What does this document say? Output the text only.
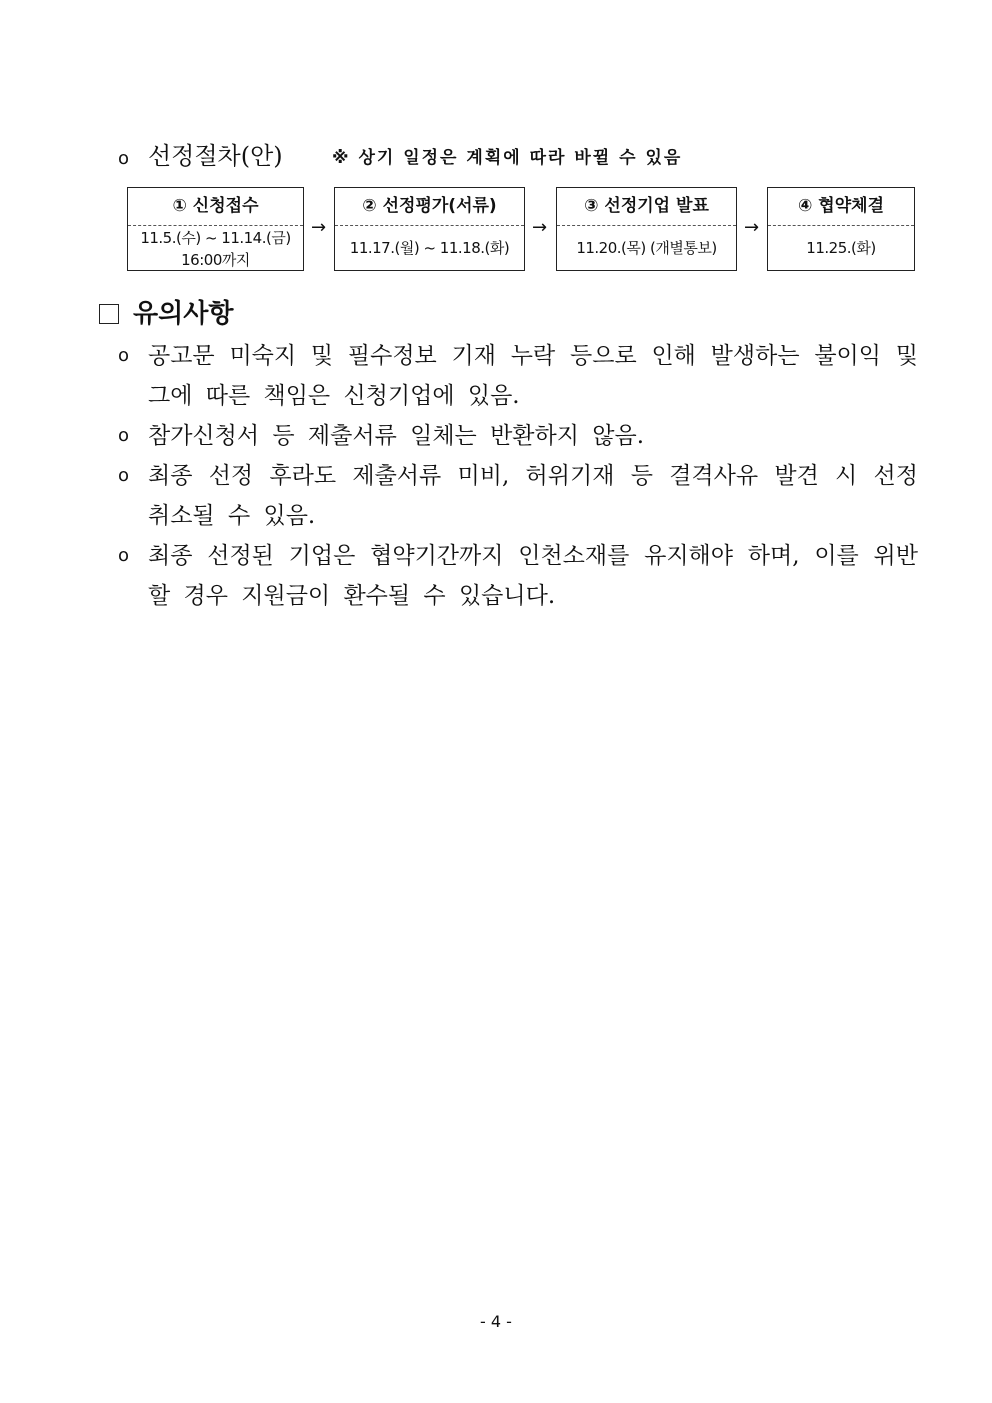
o 선정절차(안)	※ 상기 일정은 계획에 따라 바뀔 수 있음
① 신청접수
11.5.(수) ~ 11.14.(금)
16:00까지
→
② 선정평가(서류)
11.17.(월) ~ 11.18.(화)
→
③ 선정기업 발표
11.20.(목) (개별통보)
→
④ 협약체결
11.25.(화)
유의사항
o 공고문 미숙지 및 필수정보 기재 누락 등으로 인해 발생하는 불이익 및 그에 따른 책임은 신청기업에 있음.
o 참가신청서 등 제출서류 일체는 반환하지 않음.
o 최종 선정 후라도 제출서류 미비, 허위기재 등 결격사유 발견 시 선정 취소될 수 있음.
o 최종 선정된 기업은 협약기간까지 인천소재를 유지해야 하며, 이를 위반할 경우 지원금이 환수될 수 있습니다.
- 4 -
